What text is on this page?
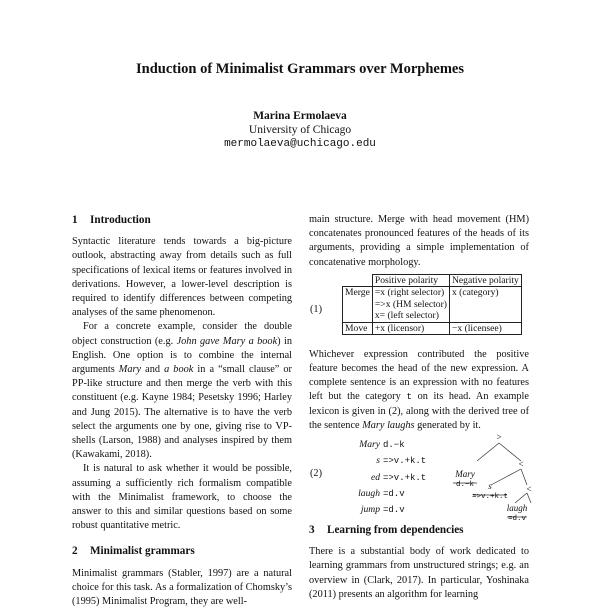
Induction of Minimalist Grammars over Morphemes
Marina Ermolaeva
University of Chicago
mermolaeva@uchicago.edu
1 Introduction

Syntactic literature tends towards a big-picture outlook, abstracting away from details such as full specifications of lexical items or features involved in derivations. However, a lower-level description is required to identify differences between competing analyses of the same phenomenon.

For a concrete example, consider the double object construction (e.g. John gave Mary a book) in English. One option is to combine the internal arguments Mary and a book in a “small clause” or PP-like structure and then merge the verb with this constituent (e.g. Kayne 1984; Pesetsky 1996; Harley and Jung 2015). The alternative is to have the verb select the arguments one by one, giving rise to VP-shells (Larson, 1988) and analyses inspired by them (Kawakami, 2018).

It is natural to ask whether it would be possible, assuming a sufficiently rich formalism compatible with the Minimalist framework, to choose the answer to this and similar questions based on some robust quantitative metric.

2 Minimalist grammars

Minimalist grammars (Stabler, 1997) are a natural choice for this task. As a formalization of Chomsky’s (1995) Minimalist Program, they are well-

main structure. Merge with head movement (HM) concatenates pronounced features of the heads of its arguments, providing a simple implementation of concatenative morphology.

(1)
	Positive polarity	Negative polarity
Merge	=x (right selector)
=>x (HM selector)
x= (left selector)	x (category)
Move	+x (licensor)	−x (licensee)

Whichever expression contributed the positive feature becomes the head of the new expression. A complete sentence is an expression with no features left but the category t on its head. An example lexicon is given in (2), along with the derived tree of the sentence Mary laughs generated by it.

(2)
Mary d.−k
s =>v.+k.t
ed =>v.+k.t
laugh =d.v
jump =d.v
>
<
Mary
d.−k s
=>v.+k.t
<
laugh
=d.v
3 Learning from dependencies

There is a substantial body of work dedicated to learning grammars from unstructured strings; e.g. an overview in (Clark, 2017). In particular, Yoshinaka (2011) presents an algorithm for learning
